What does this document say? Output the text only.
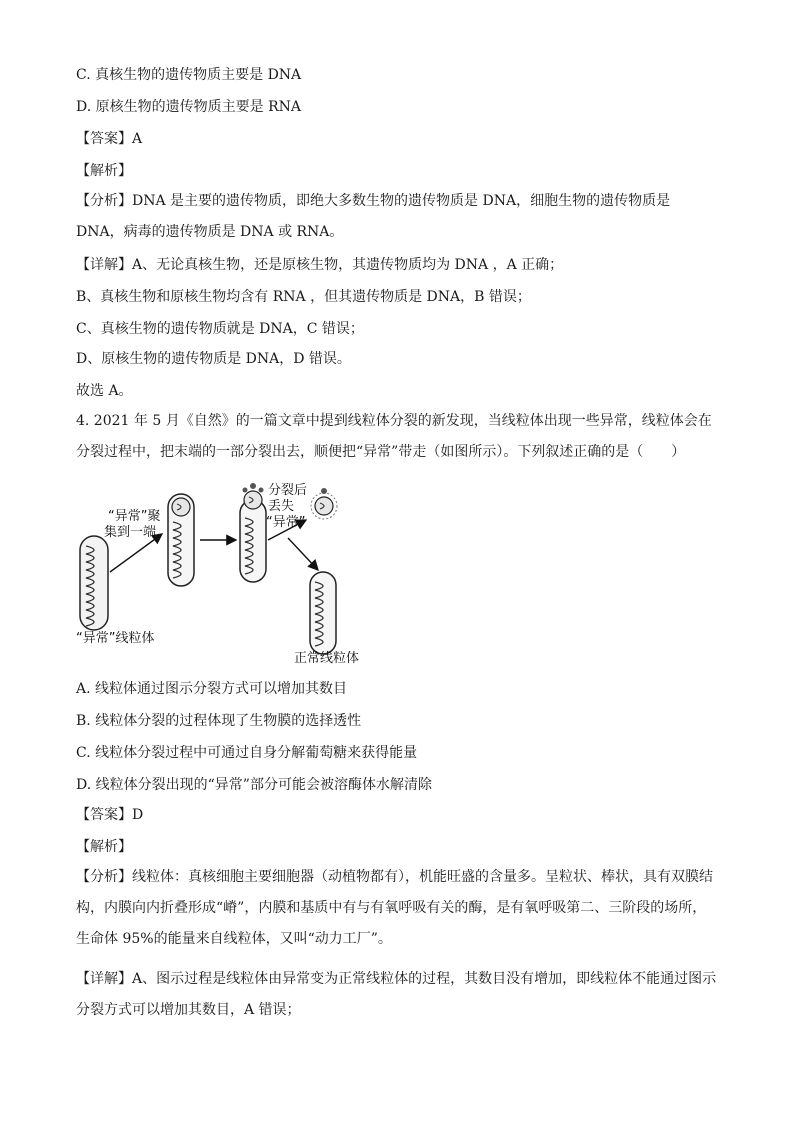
C. 真核生物的遗传物质主要是 DNA
D. 原核生物的遗传物质主要是 RNA
【答案】A
【解析】
【分析】DNA 是主要的遗传物质，即绝大多数生物的遗传物质是 DNA，细胞生物的遗传物质是 DNA，病毒的遗传物质是 DNA 或 RNA。
【详解】A、无论真核生物，还是原核生物，其遗传物质均为 DNA ，A 正确；
B、真核生物和原核生物均含有 RNA ，但其遗传物质是 DNA，B 错误；
C、真核生物的遗传物质就是 DNA，C 错误；
D、原核生物的遗传物质是 DNA，D 错误。
故选 A。
4. 2021 年 5 月《自然》的一篇文章中提到线粒体分裂的新发现，当线粒体出现一些异常，线粒体会在分裂过程中，把末端的一部分裂出去，顺便把“异常”带走（如图所示）。下列叙述正确的是（　　）
“异常”聚
集到一端
分裂后
丢失
“异常”
“异常”线粒体
正常线粒体
A. 线粒体通过图示分裂方式可以增加其数目
B. 线粒体分裂的过程体现了生物膜的选择透性
C. 线粒体分裂过程中可通过自身分解葡萄糖来获得能量
D. 线粒体分裂出现的“异常”部分可能会被溶酶体水解清除
【答案】D
【解析】
【分析】线粒体：真核细胞主要细胞器（动植物都有），机能旺盛的含量多。呈粒状、棒状，具有双膜结构，内膜向内折叠形成“嵴”，内膜和基质中有与有氧呼吸有关的酶，是有氧呼吸第二、三阶段的场所，生命体 95%的能量来自线粒体，又叫“动力工厂”。
【详解】A、图示过程是线粒体由异常变为正常线粒体的过程，其数目没有增加，即线粒体不能通过图示分裂方式可以增加其数目，A 错误；
